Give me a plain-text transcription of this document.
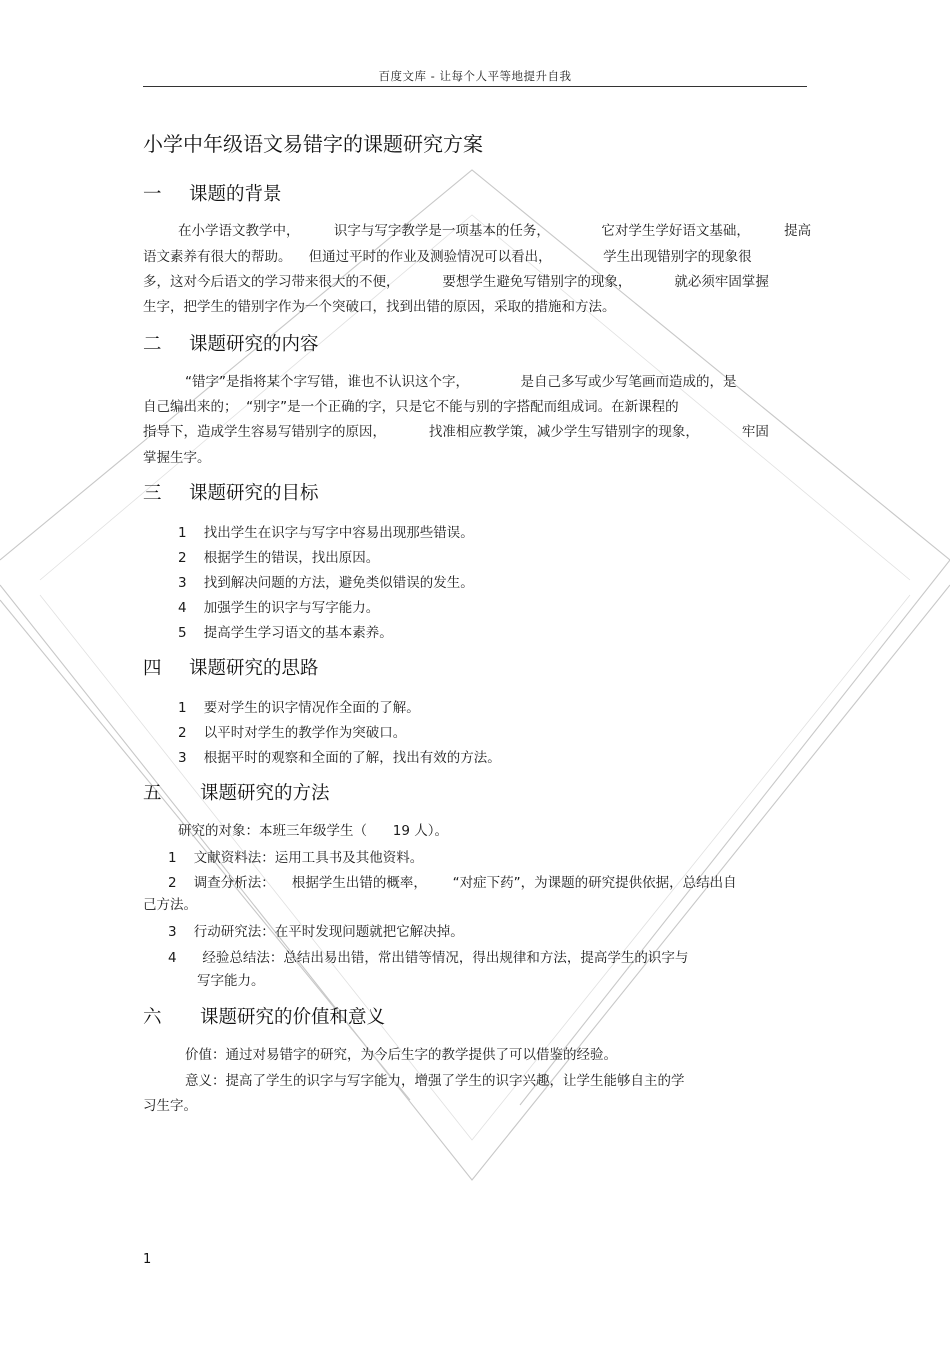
百度文库 - 让每个人平等地提升自我
小学中年级语文易错字的课题研究方案
一 课题的背景
在小学语文教学中，        识字与写字教学是一项基本的任务，            它对学生学好语文基础，        提高
语文素养有很大的帮助。    但通过平时的作业及测验情况可以看出，            学生出现错别字的现象很
多，这对今后语文的学习带来很大的不便，          要想学生避免写错别字的现象，          就必须牢固掌握
生字，把学生的错别字作为一个突破口，找到出错的原因，采取的措施和方法。
二 课题研究的内容
“错字”是指将某个字写错，谁也不认识这个字，            是自己多写或少写笔画而造成的，是
自己编出来的；  “别字”是一个正确的字，只是它不能与别的字搭配而组成词。在新课程的
指导下，造成学生容易写错别字的原因，          找准相应教学策，减少学生写错别字的现象，          牢固
掌握生字。
三 课题研究的目标
1    找出学生在识字与写字中容易出现那些错误。
2    根据学生的错误，找出原因。
3    找到解决问题的方法，避免类似错误的发生。
4    加强学生的识字与写字能力。
5    提高学生学习语文的基本素养。
四 课题研究的思路
1    要对学生的识字情况作全面的了解。
2    以平时对学生的教学作为突破口。
3    根据平时的观察和全面的了解，找出有效的方法。
五 课题研究的方法
研究的对象：本班三年级学生（      19 人）。
1    文献资料法：运用工具书及其他资料。
2    调查分析法：    根据学生出错的概率，      “对症下药”，为课题的研究提供依据，总结出自
己方法。
3    行动研究法：在平时发现问题就把它解决掉。
4      经验总结法：总结出易出错，常出错等情况，得出规律和方法，提高学生的识字与
写字能力。
六 课题研究的价值和意义
价值：通过对易错字的研究，为今后生字的教学提供了可以借鉴的经验。
意义：提高了学生的识字与写字能力，增强了学生的识字兴趣，让学生能够自主的学
习生字。
1
